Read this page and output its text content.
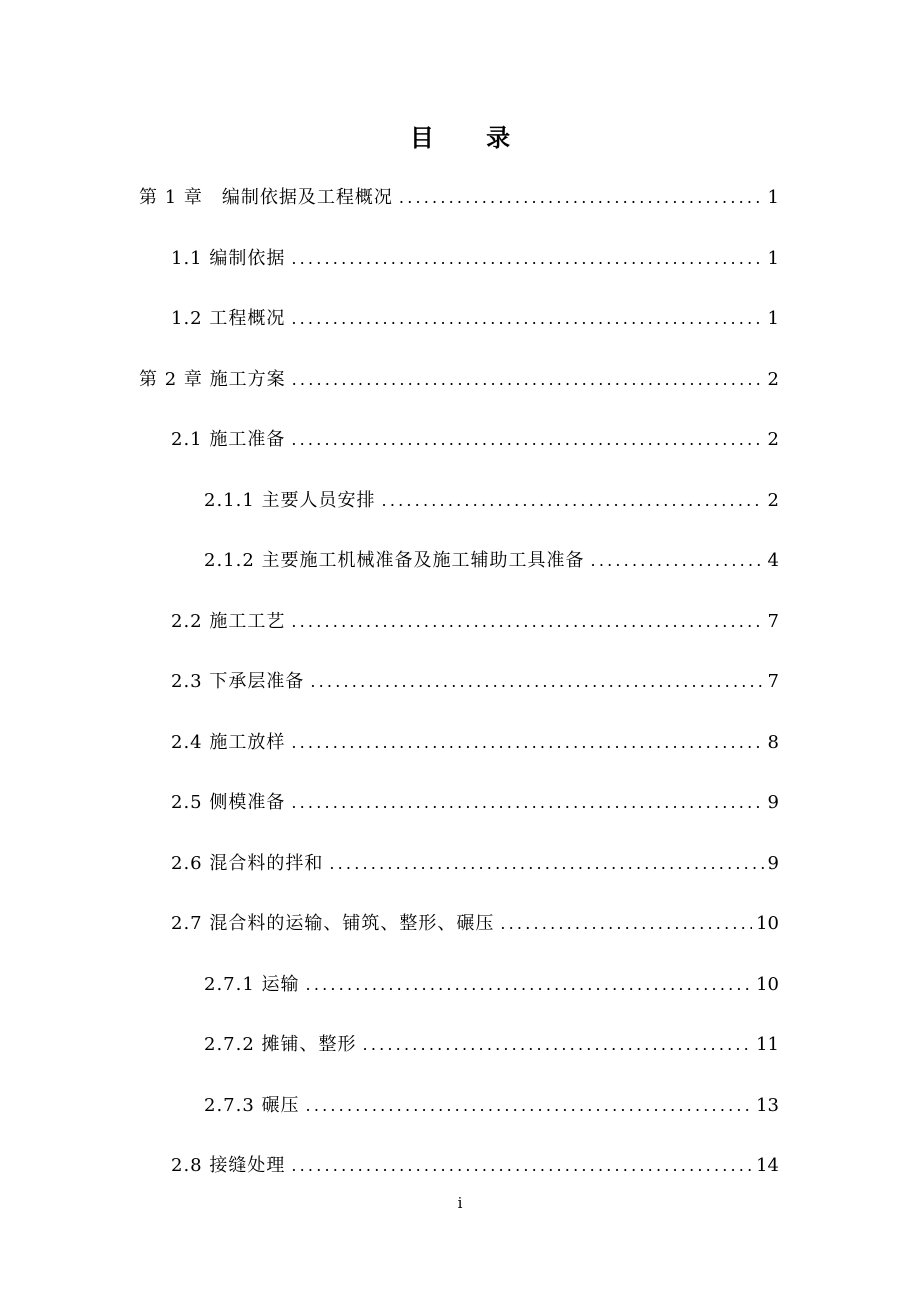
目 录
第 1 章　编制依据及工程概况 .....	1
1.1 编制依据 .....	1
1.2 工程概况 .....	1
第 2 章 施工方案 .....	2
2.1 施工准备 .....	2
2.1.1 主要人员安排 .....	2
2.1.2 主要施工机械准备及施工辅助工具准备 .....	4
2.2 施工工艺 .....	7
2.3 下承层准备 .....	7
2.4 施工放样 .....	8
2.5 侧模准备 .....	9
2.6 混合料的拌和 .....	9
2.7 混合料的运输、铺筑、整形、碾压 .....	10
2.7.1 运输 .....	10
2.7.2 摊铺、整形 .....	11
2.7.3 碾压 .....	13
2.8 接缝处理 .....	14
i
